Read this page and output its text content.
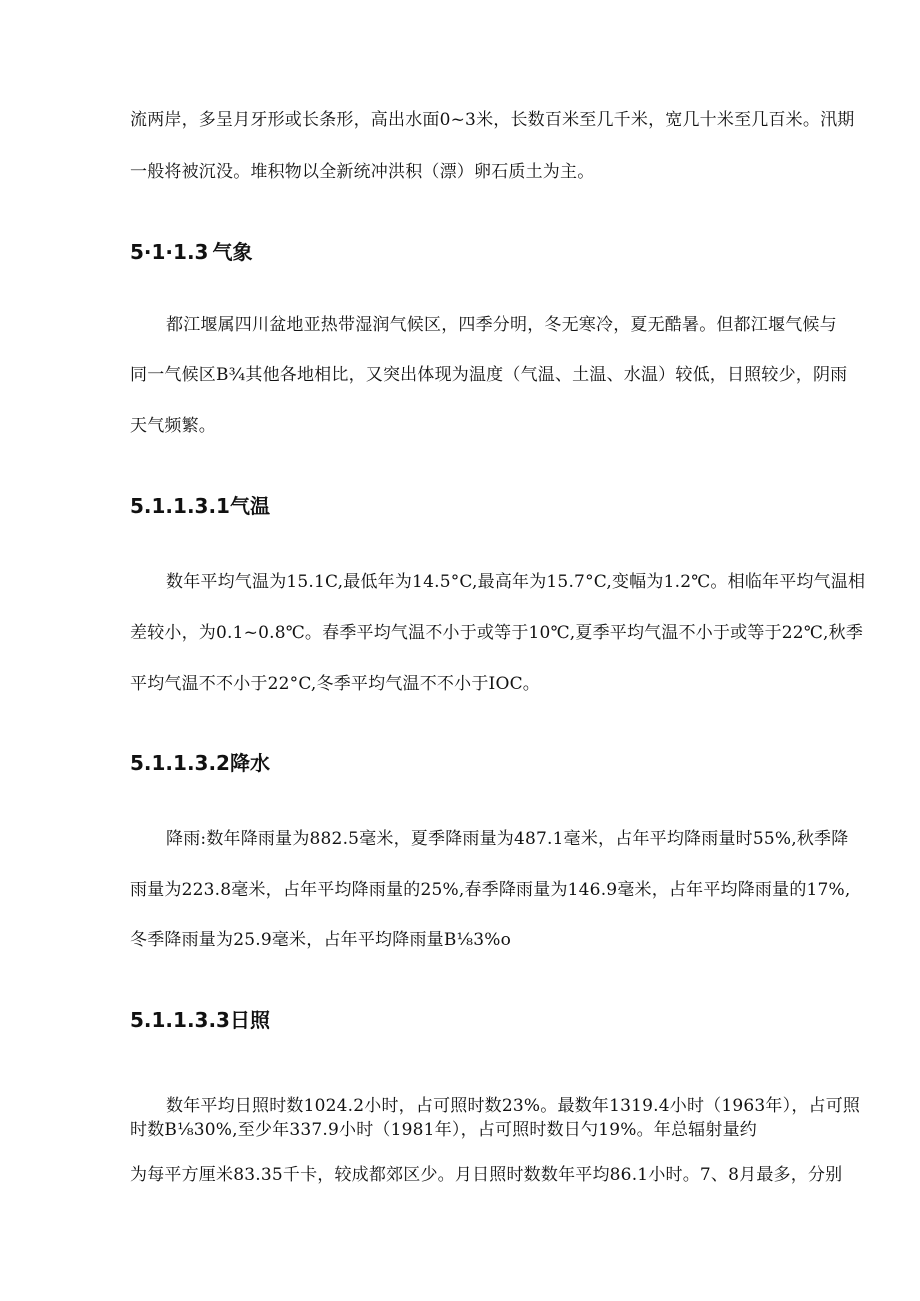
流两岸，多呈月牙形或长条形，高出水面0~3米，长数百米至几千米，宽几十米至几百米。汛期
一般将被沉没。堆积物以全新统冲洪积（漂）卵石质土为主。
5·1·1.3 气象
都江堰属四川盆地亚热带湿润气候区，四季分明，冬无寒冷，夏无酷暑。但都江堰气候与
同一气候区B¾其他各地相比，又突出体现为温度（气温、土温、水温）较低，日照较少，阴雨
天气频繁。
5.1.1.3.1气温
数年平均气温为15.1C,最低年为14.5°C,最高年为15.7°C,变幅为1.2℃。相临年平均气温相
差较小，为0.1~0.8℃。春季平均气温不小于或等于10℃,夏季平均气温不小于或等于22℃,秋季
平均气温不不小于22°C,冬季平均气温不不小于IOC。
5.1.1.3.2降水
降雨:数年降雨量为882.5毫米，夏季降雨量为487.1毫米，占年平均降雨量时55%,秋季降
雨量为223.8毫米，占年平均降雨量的25%,春季降雨量为146.9毫米，占年平均降雨量的17%,
冬季降雨量为25.9毫米，占年平均降雨量B⅛3%o
5.1.1.3.3日照
数年平均日照时数1024.2小时，占可照时数23%。最数年1319.4小时（1963年），占可照
时数B⅛30%,至少年337.9小时（1981年），占可照时数日勺19%。年总辐射量约
为每平方厘米83.35千卡，较成都郊区少。月日照时数数年平均86.1小时。7、8月最多，分别
